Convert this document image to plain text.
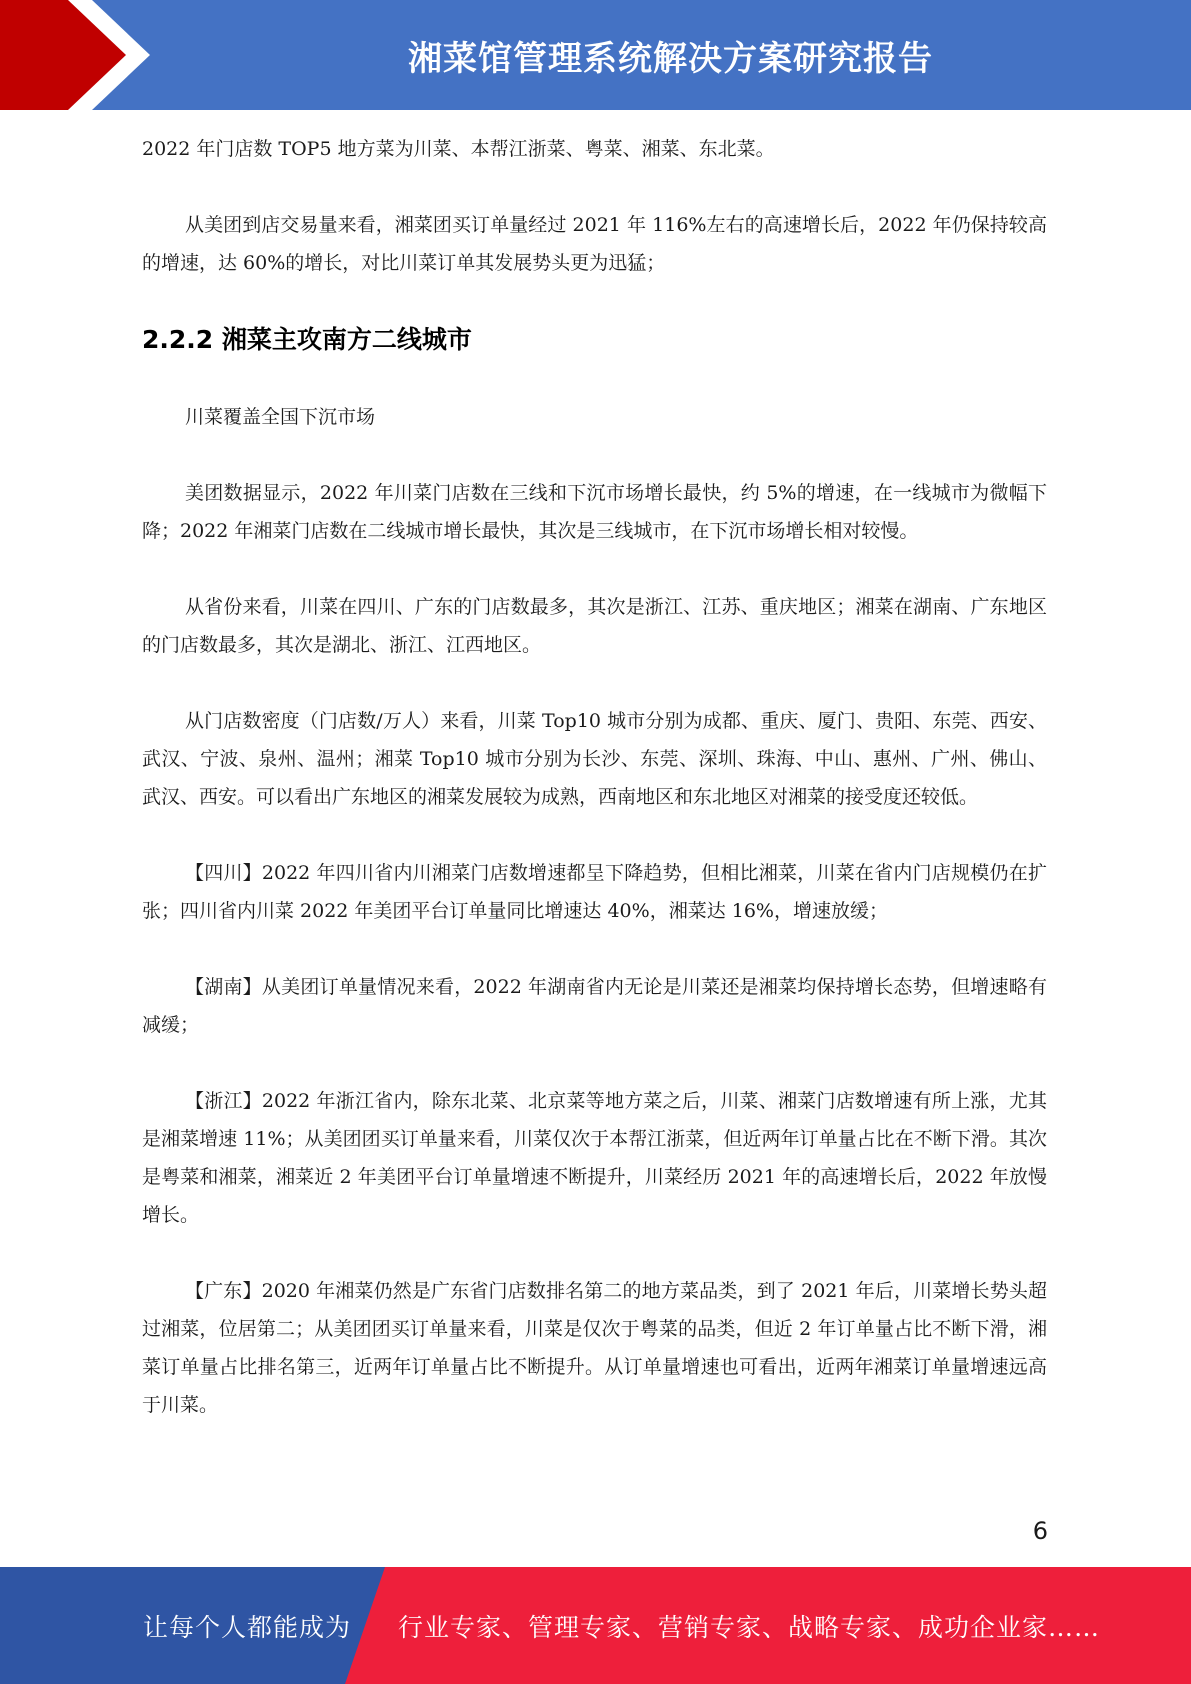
湘菜馆管理系统解决方案研究报告

2022 年门店数 TOP5 地方菜为川菜、本帮江浙菜、粤菜、湘菜、东北菜。

从美团到店交易量来看，湘菜团买订单量经过 2021 年 116%左右的高速增长后，2022 年仍保持较高的增速，达 60%的增长，对比川菜订单其发展势头更为迅猛；

2.2.2 湘菜主攻南方二线城市

川菜覆盖全国下沉市场

美团数据显示，2022 年川菜门店数在三线和下沉市场增长最快，约 5%的增速，在一线城市为微幅下降；2022 年湘菜门店数在二线城市增长最快，其次是三线城市，在下沉市场增长相对较慢。

从省份来看，川菜在四川、广东的门店数最多，其次是浙江、江苏、重庆地区；湘菜在湖南、广东地区的门店数最多，其次是湖北、浙江、江西地区。

从门店数密度（门店数/万人）来看，川菜 Top10 城市分别为成都、重庆、厦门、贵阳、东莞、西安、武汉、宁波、泉州、温州；湘菜 Top10 城市分别为长沙、东莞、深圳、珠海、中山、惠州、广州、佛山、武汉、西安。可以看出广东地区的湘菜发展较为成熟，西南地区和东北地区对湘菜的接受度还较低。

【四川】2022 年四川省内川湘菜门店数增速都呈下降趋势，但相比湘菜，川菜在省内门店规模仍在扩张；四川省内川菜 2022 年美团平台订单量同比增速达 40%，湘菜达 16%，增速放缓；

【湖南】从美团订单量情况来看，2022 年湖南省内无论是川菜还是湘菜均保持增长态势，但增速略有减缓；

【浙江】2022 年浙江省内，除东北菜、北京菜等地方菜之后，川菜、湘菜门店数增速有所上涨，尤其是湘菜增速 11%；从美团团买订单量来看，川菜仅次于本帮江浙菜，但近两年订单量占比在不断下滑。其次是粤菜和湘菜，湘菜近 2 年美团平台订单量增速不断提升，川菜经历 2021 年的高速增长后，2022 年放慢增长。

【广东】2020 年湘菜仍然是广东省门店数排名第二的地方菜品类，到了 2021 年后，川菜增长势头超过湘菜，位居第二；从美团团买订单量来看，川菜是仅次于粤菜的品类，但近 2 年订单量占比不断下滑，湘菜订单量占比排名第三，近两年订单量占比不断提升。从订单量增速也可看出，近两年湘菜订单量增速远高于川菜。

6
让每个人都能成为 行业专家、管理专家、营销专家、战略专家、成功企业家……
